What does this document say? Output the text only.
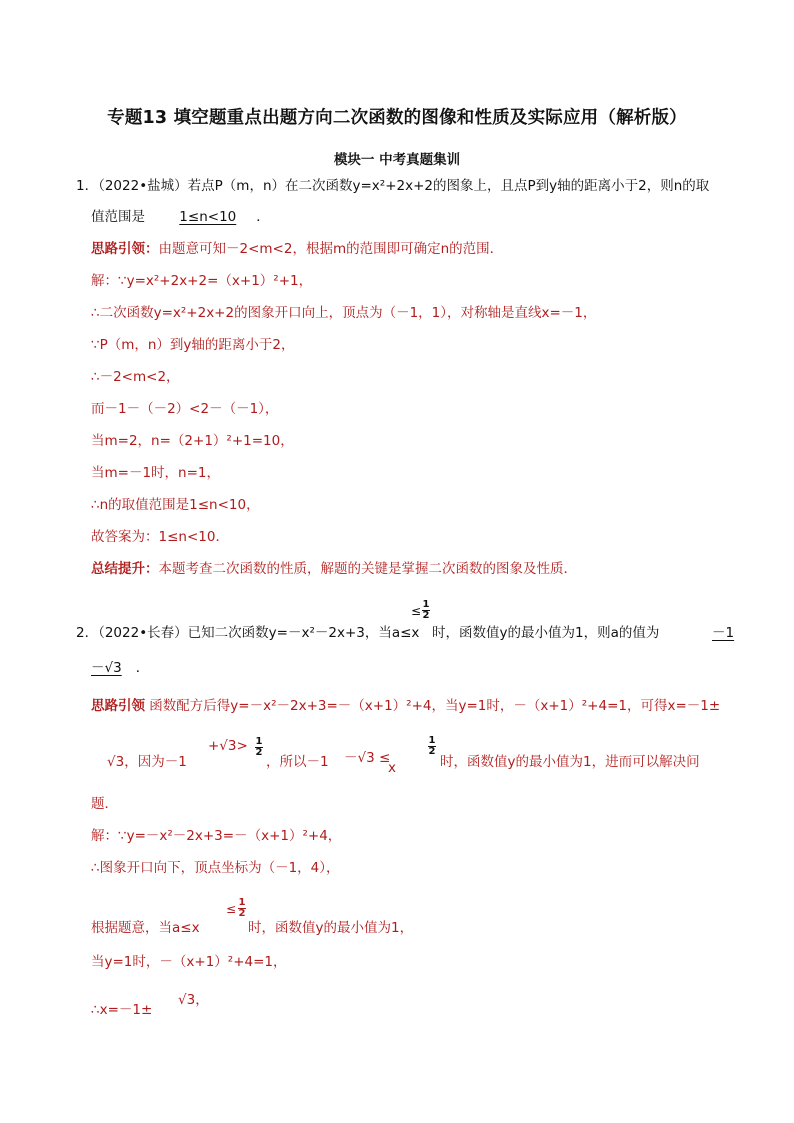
专题13 填空题重点出题方向二次函数的图像和性质及实际应用（解析版）
模块一 中考真题集训
1．（2022•盐城）若点P（m，n）在二次函数y=x²+2x+2的图象上，且点P到y轴的距离小于2，则n的取
值范围是	1≤n<10 ．
思路引领：由题意可知－2<m<2，根据m的范围即可确定n的范围．
解：∵y=x²+2x+2=（x+1）²+1，
∴二次函数y=x²+2x+2的图象开口向上，顶点为（－1，1），对称轴是直线x=－1，
∵P（m，n）到y轴的距离小于2，
∴－2<m<2，
而－1－（－2）<2－（－1），
当m=2，n=（2+1）²+1=10，
当m=－1时，n=1，
∴n的取值范围是1≤n<10，
故答案为：1≤n<10．
总结提升：本题考查二次函数的性质，解题的关键是掌握二次函数的图象及性质．
2．（2022•长春）已知二次函数y=－x²－2x+3，当a≤x
≤ 1
2
时，函数值y的最小值为1，则a的值为	－1
－√3 ．
思路引领 函数配方后得y=－x²－2x+3=－（x+1）²+4，当y=1时，－（x+1）²+4=1，可得x=－1±
√3，因为－1
+√3> 1
2
，所以－1 －√3 ≤
x
1
2
时，函数值y的最小值为1，进而可以解决问
题．
解：∵y=－x²－2x+3=－（x+1）²+4，
∴图象开口向下，顶点坐标为（－1，4），
根据题意，当a≤x
≤ 1
2
时，函数值y的最小值为1，
当y=1时，－（x+1）²+4=1，
∴x=－1±
√3，
